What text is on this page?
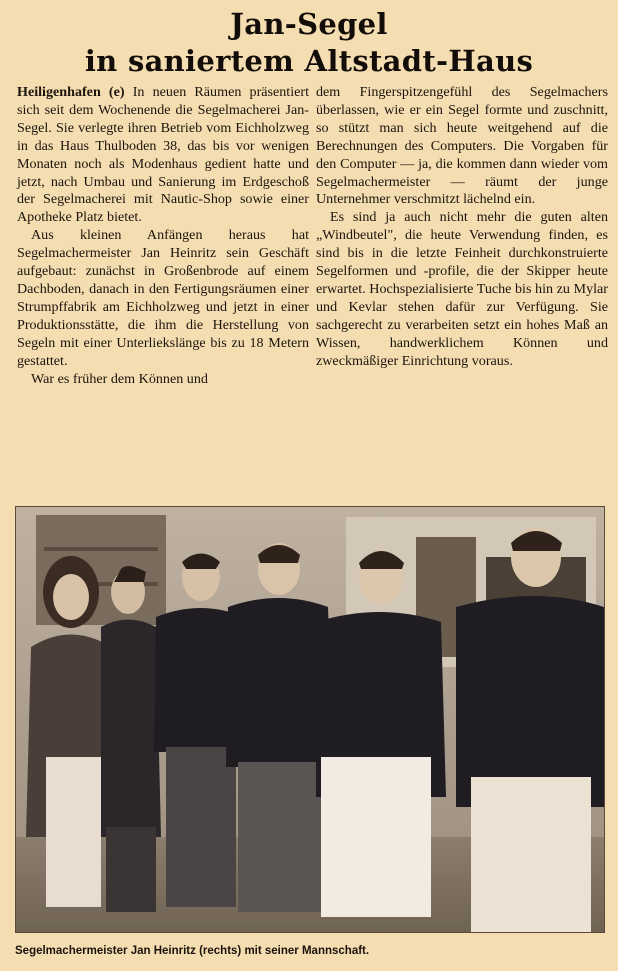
Jan-Segel
in saniertem Altstadt-Haus

Heiligenhafen (e) In neuen Räumen präsentiert sich seit dem Wochenende die Segelmacherei Jan-Segel. Sie verlegte ihren Betrieb vom Eichholzweg in das Haus Thulboden 38, das bis vor wenigen Monaten noch als Modenhaus gedient hatte und jetzt, nach Umbau und Sanierung im Erdgeschoß der Segelmacherei mit Nautic-Shop sowie einer Apotheke Platz bietet.

Aus kleinen Anfängen heraus hat Segelmachermeister Jan Heinritz sein Geschäft aufgebaut: zunächst in Großenbrode auf einem Dachboden, danach in den Fertigungsräumen einer Strumpffabrik am Eichholzweg und jetzt in einer Produktionsstätte, die ihm die Herstellung von Segeln mit einer Unterliekslänge bis zu 18 Metern gestattet.

War es früher dem Können und

dem Fingerspitzengefühl des Segelmachers überlassen, wie er ein Segel formte und zuschnitt, so stützt man sich heute weitgehend auf die Berechnungen des Computers. Die Vorgaben für den Computer — ja, die kommen dann wieder vom Segelmachermeister — räumt der junge Unternehmer verschmitzt lächelnd ein.

Es sind ja auch nicht mehr die guten alten „Windbeutel", die heute Verwendung finden, es sind bis in die letzte Feinheit durchkonstruierte Segelformen und -profile, die der Skipper heute erwartet. Hochspezialisierte Tuche bis hin zu Mylar und Kevlar stehen dafür zur Verfügung. Sie sachgerecht zu verarbeiten setzt ein hohes Maß an Wissen, handwerklichem Können und zweckmäßiger Einrichtung voraus.

Segelmachermeister Jan Heinritz (rechts) mit seiner Mannschaft.
